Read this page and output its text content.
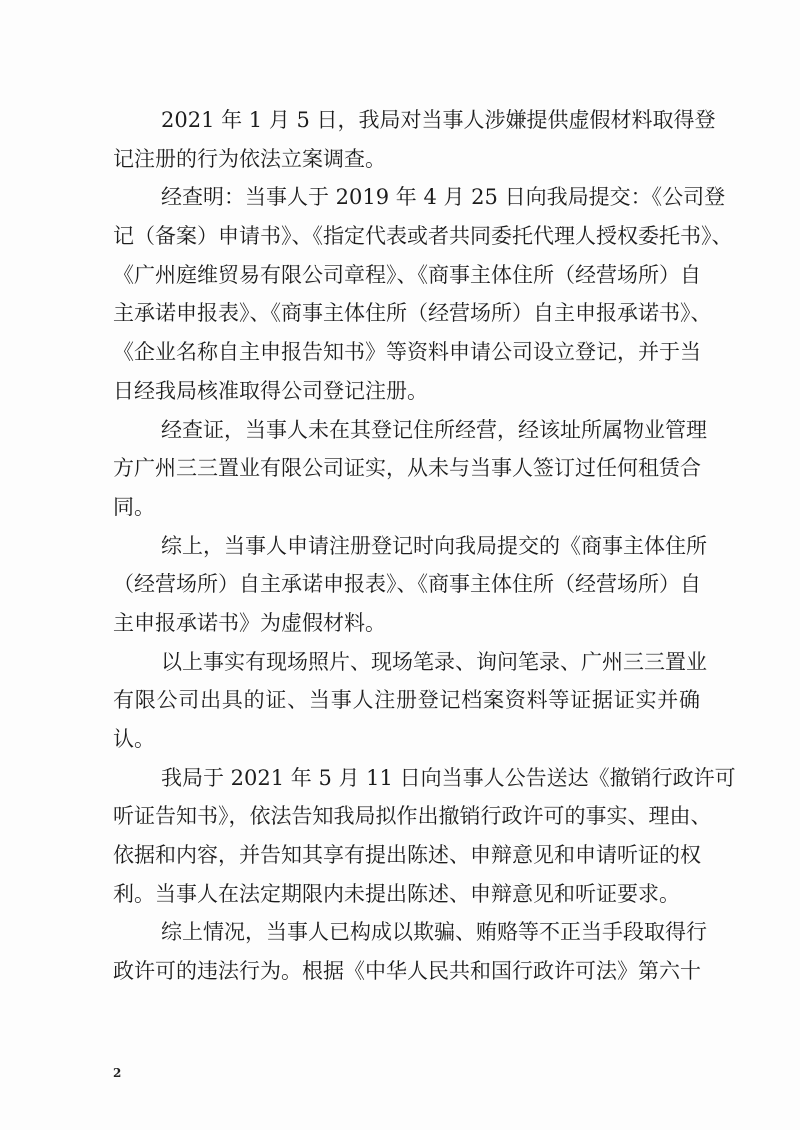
2021 年 1 月 5 日，我局对当事人涉嫌提供虚假材料取得登
记注册的行为依法立案调查。
经查明：当事人于 2019 年 4 月 25 日向我局提交：《公司登
记（备案）申请书》、《指定代表或者共同委托代理人授权委托书》、
《广州庭维贸易有限公司章程》、《商事主体住所（经营场所）自
主承诺申报表》、《商事主体住所（经营场所）自主申报承诺书》、
《企业名称自主申报告知书》等资料申请公司设立登记，并于当
日经我局核准取得公司登记注册。
经查证，当事人未在其登记住所经营，经该址所属物业管理
方广州三三置业有限公司证实，从未与当事人签订过任何租赁合
同。
综上，当事人申请注册登记时向我局提交的《商事主体住所
（经营场所）自主承诺申报表》、《商事主体住所（经营场所）自
主申报承诺书》为虚假材料。
以上事实有现场照片、现场笔录、询问笔录、广州三三置业
有限公司出具的证、当事人注册登记档案资料等证据证实并确
认。
我局于 2021 年 5 月 11 日向当事人公告送达《撤销行政许可
听证告知书》，依法告知我局拟作出撤销行政许可的事实、理由、
依据和内容，并告知其享有提出陈述、申辩意见和申请听证的权
利。当事人在法定期限内未提出陈述、申辩意见和听证要求。
综上情况，当事人已构成以欺骗、贿赂等不正当手段取得行
政许可的违法行为。根据《中华人民共和国行政许可法》第六十
2
